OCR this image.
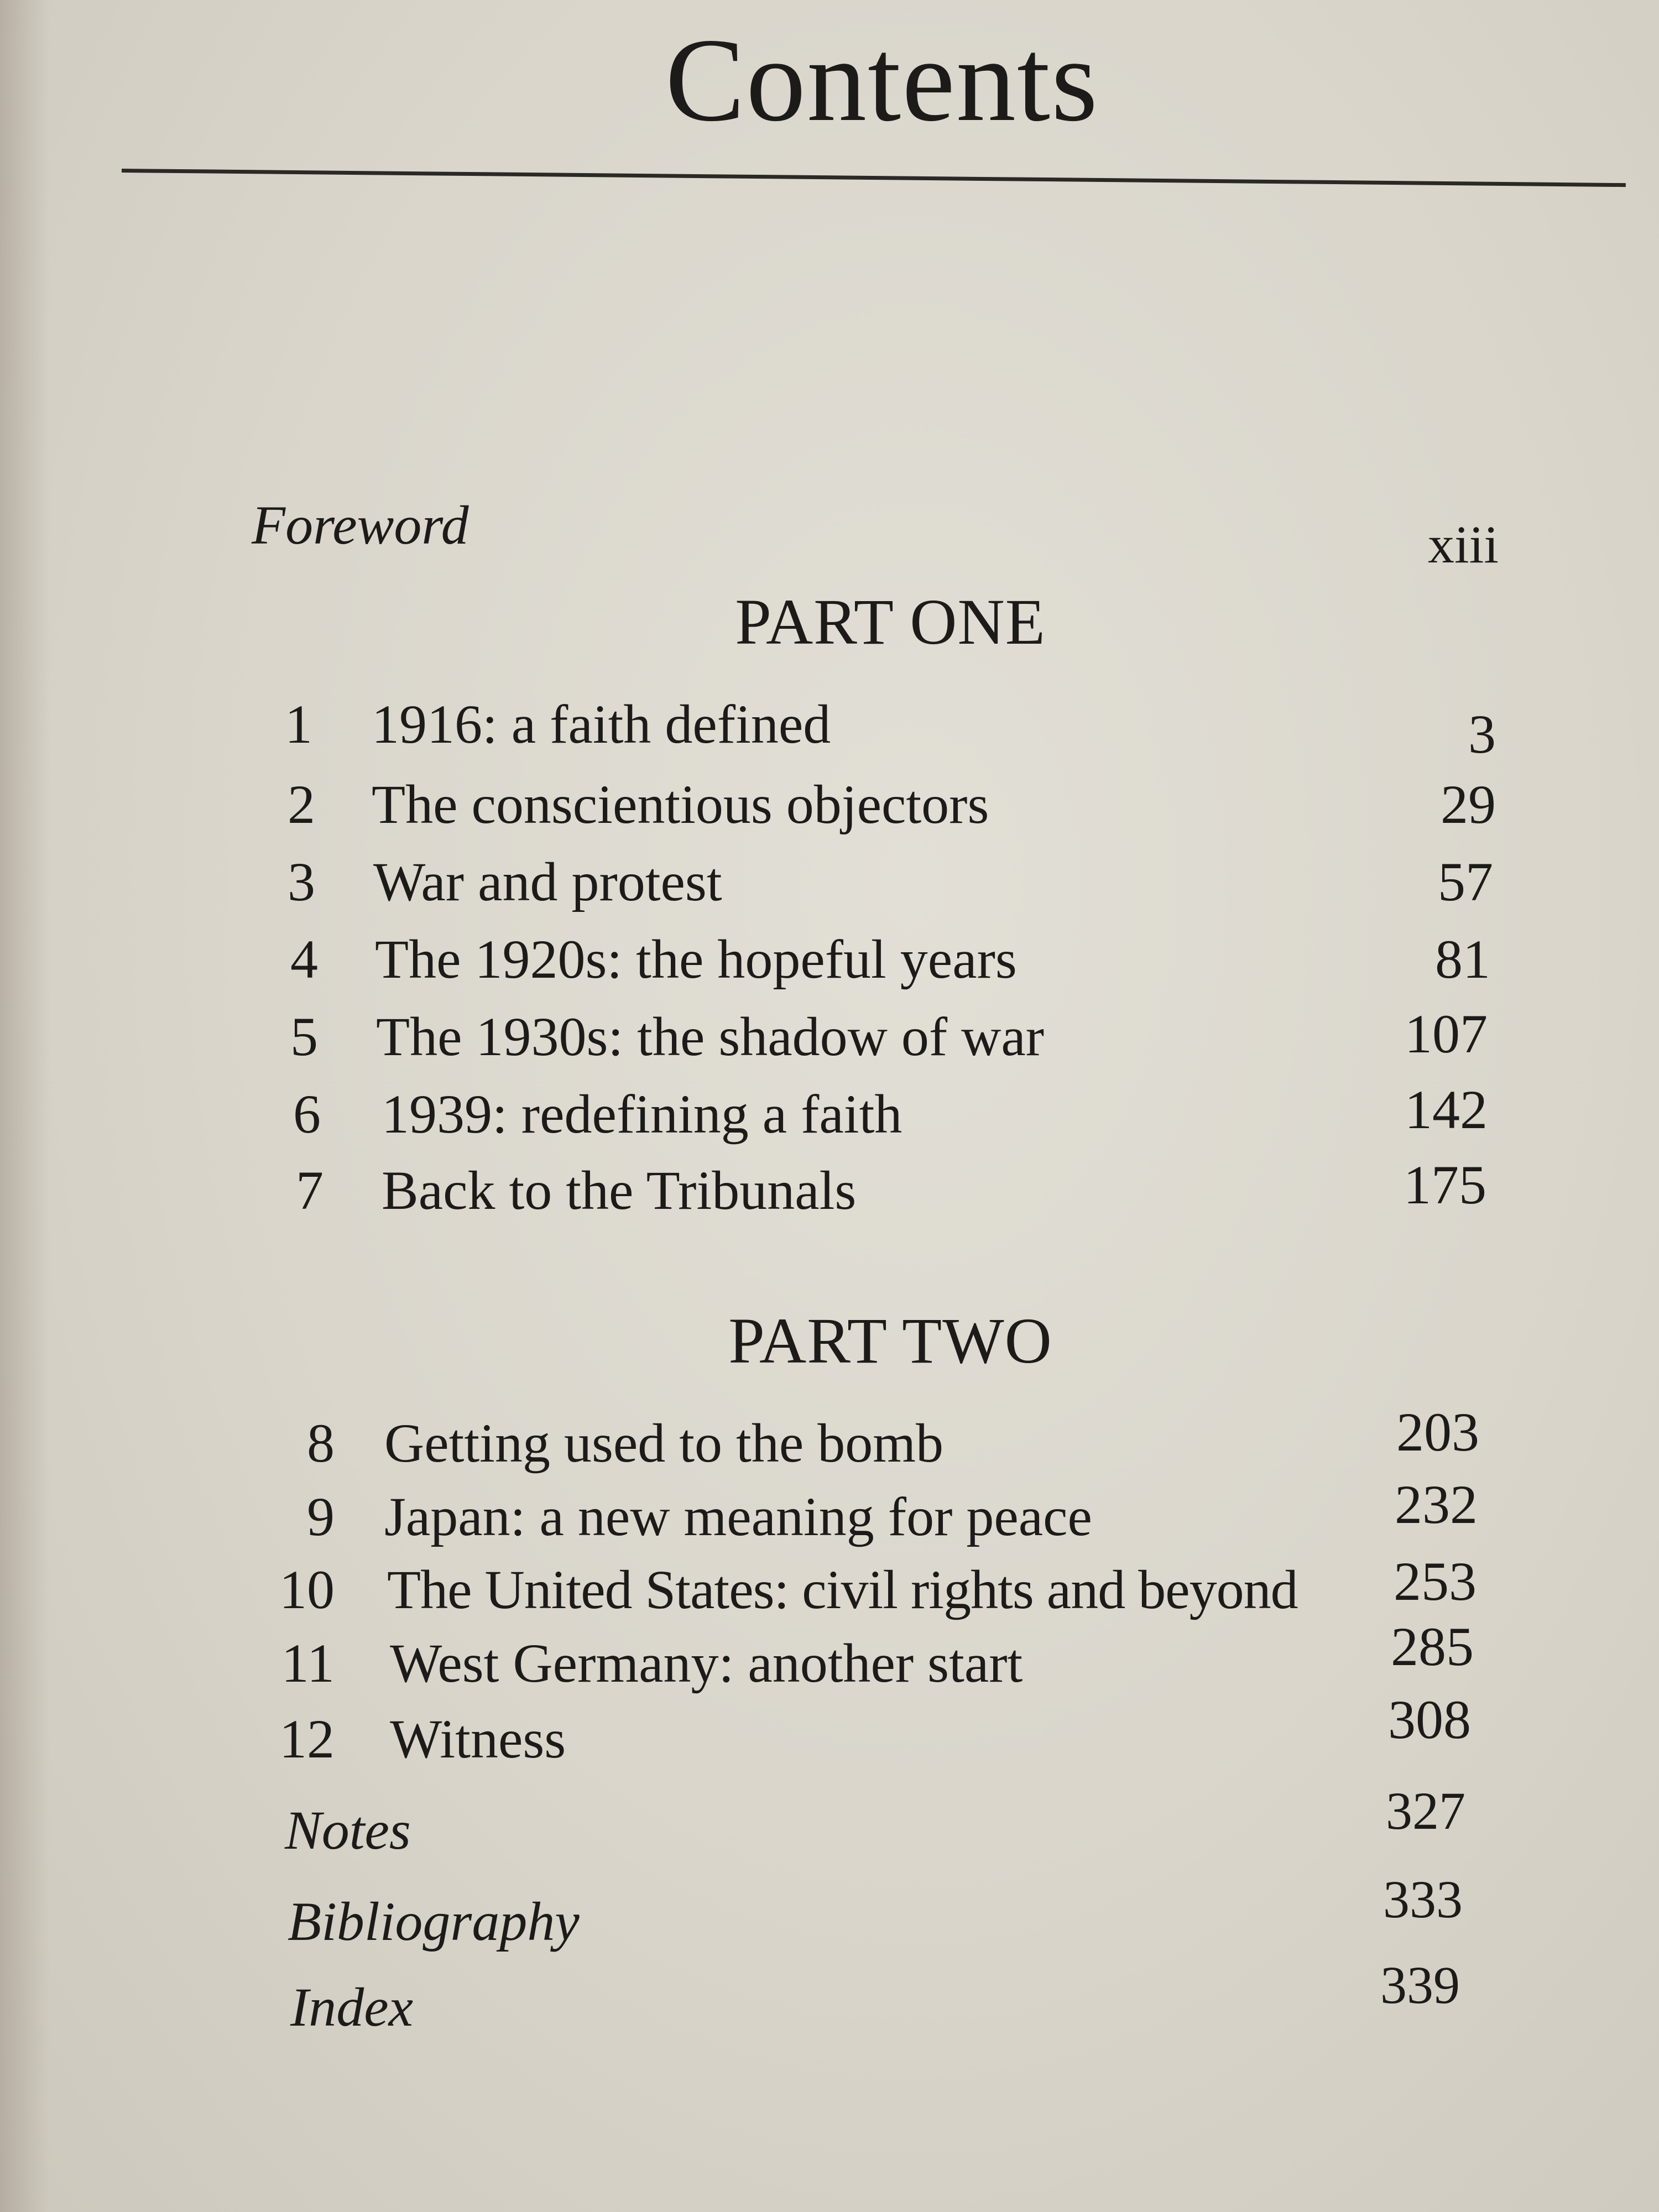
Contents
Foreword	xiii
PART ONE
1 1916: a faith defined	3
2 The conscientious objectors	29
3 War and protest	57
4 The 1920s: the hopeful years	81
5 The 1930s: the shadow of war	107
6 1939: redefining a faith	142
7 Back to the Tribunals	175
PART TWO
8 Getting used to the bomb	203
9 Japan: a new meaning for peace	232
10 The United States: civil rights and beyond	253
11 West Germany: another start	285
12 Witness	308
Notes	327
Bibliography	333
Index	339
